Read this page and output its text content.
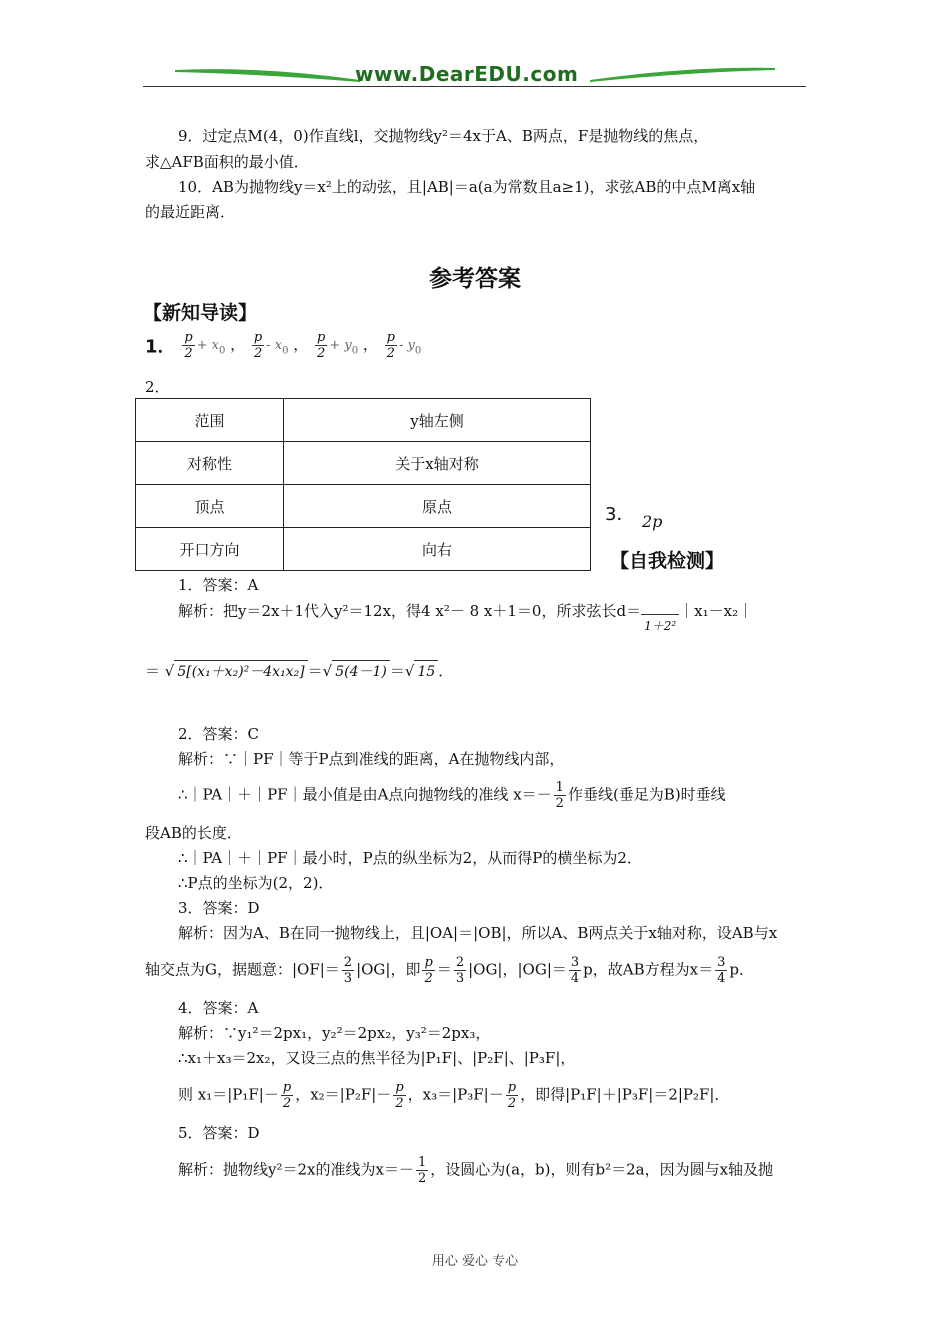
www.DearEDU.com
9．过定点M(4，0)作直线l，交抛物线y²＝4x于A、B两点，F是抛物线的焦点，
求△AFB面积的最小值．
10．AB为抛物线y＝x²上的动弦，且|AB|＝a(a为常数且a≥1)，求弦AB的中点M离x轴
的最近距离．
参考答案
【新知导读】
1． $\frac{p}{2} + x_0$ ， $\frac{p}{2} - x_0$ ， $\frac{p}{2} + y_0$ ， $\frac{p}{2} - y_0$
2．
范围	y轴左侧
对称性	关于x轴对称
顶点	原点
开口方向	向右
3． 2p
【自我检测】
1．答案：A
解析：把y＝2x＋1代入y²＝12x，得4 x²－ 8 x＋1＝0，所求弦长d＝1＋2²｜x₁－x₂｜
＝ √ 5[(x₁＋x₂)²－4x₁x₂] ＝√ 5(4－1) ＝√ 15 ．
2．答案：C
解析：∵｜PF｜等于P点到准线的距离，A在抛物线内部，
∴｜PA｜＋｜PF｜最小值是由A点向抛物线的准线 $x=- \frac{1}{2}$ 作垂线(垂足为B)时垂线
段AB的长度．
∴｜PA｜＋｜PF｜最小时，P点的纵坐标为2，从而得P的横坐标为2．
∴P点的坐标为(2，2)．
3．答案：D
解析：因为A、B在同一抛物线上，且|OA|＝|OB|，所以A、B两点关于x轴对称，设AB与x
轴交点为G，据题意：$|OF|= \frac{2}{3} |OG|$，即 $\frac{p}{2} = \frac{2}{3} |OG|$，$|OG|= \frac{3}{4}$ p，故AB方程为$x= \frac{3}{4}$ p．
4．答案：A
解析：∵y₁²＝2px₁，y₂²＝2px₂，y₃²＝2px₃，
∴x₁＋x₃＝2x₂，又设三点的焦半径为|P₁F|、|P₂F|、|P₃F|，
则 $x_1=|P_1F|- \frac{p}{2}$ ，$x_2=|P_2F|- \frac{p}{2}$ ，$x_3=|P_3F|- \frac{p}{2}$ ，即得|P₁F|＋|P₃F|＝2|P₂F|．
5．答案：D
解析：抛物线y²＝2x的准线为$x=- \frac{1}{2}$ ，设圆心为(a，b)，则有b²＝2a，因为圆与x轴及抛
用心 爱心 专心
